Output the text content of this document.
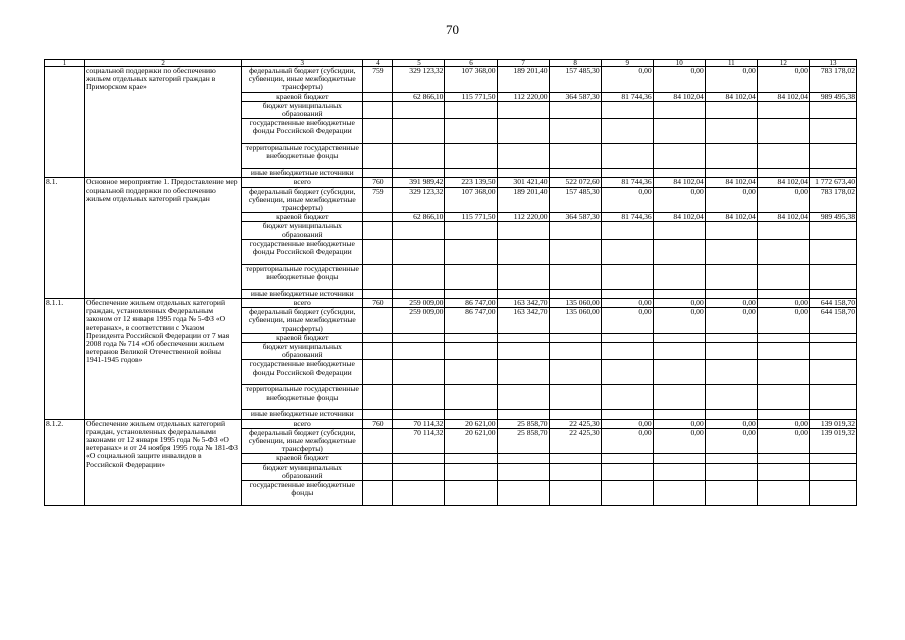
70
1	2	3	4	5	6	7	8	9	10	11	12	13
	социальной поддержки по обеспечению жильем отдельных категорий граждан в Приморском крае»	федеральный бюджет (субсидии, субвенции, иные межбюджетные трансферты)	759	329 123,32	107 368,00	189 201,40	157 485,30	0,00	0,00	0,00	0,00	783 178,02
		краевой бюджет		62 866,10	115 771,50	112 220,00	364 587,30	81 744,36	84 102,04	84 102,04	84 102,04	989 495,38
		бюджет муниципальных образований										
		государственные внебюджетные фонды Российской Федерации										
		территориальные государственные внебюджетные фонды										
		иные внебюджетные источники										
8.1.	Основное мероприятие 1. Предоставление мер социальной поддержки по обеспечению жильем отдельных категорий граждан	всего	760	391 989,42	223 139,50	301 421,40	522 072,60	81 744,36	84 102,04	84 102,04	84 102,04	1 772 673,40
		федеральный бюджет (субсидии, субвенции, иные межбюджетные трансферты)	759	329 123,32	107 368,00	189 201,40	157 485,30	0,00	0,00	0,00	0,00	783 178,02
		краевой бюджет		62 866,10	115 771,50	112 220,00	364 587,30	81 744,36	84 102,04	84 102,04	84 102,04	989 495,38
		бюджет муниципальных образований										
		государственные внебюджетные фонды Российской Федерации										
		территориальные государственные внебюджетные фонды										
		иные внебюджетные источники										
8.1.1.	Обеспечение жильем отдельных категорий граждан, установленных Федеральным законом от 12 января 1995 года № 5-ФЗ «О ветеранах», в соответствии с Указом Президента Российской Федерации от 7 мая 2008 года № 714 «Об обеспечении жильем ветеранов Великой Отечественной войны 1941-1945 годов»	всего	760	259 009,00	86 747,00	163 342,70	135 060,00	0,00	0,00	0,00	0,00	644 158,70
		федеральный бюджет (субсидии, субвенции, иные межбюджетные трансферты)		259 009,00	86 747,00	163 342,70	135 060,00	0,00	0,00	0,00	0,00	644 158,70
		краевой бюджет										
		бюджет муниципальных образований										
		государственные внебюджетные фонды Российской Федерации										
		территориальные государственные внебюджетные фонды										
		иные внебюджетные источники										
8.1.2.	Обеспечение жильем отдельных категорий граждан, установленных федеральными законами от 12 января 1995 года № 5-ФЗ «О ветеранах» и от 24 ноября 1995 года № 181-ФЗ «О социальной защите инвалидов в Российской Федерации»	всего	760	70 114,32	20 621,00	25 858,70	22 425,30	0,00	0,00	0,00	0,00	139 019,32
		федеральный бюджет (субсидии, субвенции, иные межбюджетные трансферты)		70 114,32	20 621,00	25 858,70	22 425,30	0,00	0,00	0,00	0,00	139 019,32
		краевой бюджет										
		бюджет муниципальных образований										
		государственные внебюджетные фонды										
